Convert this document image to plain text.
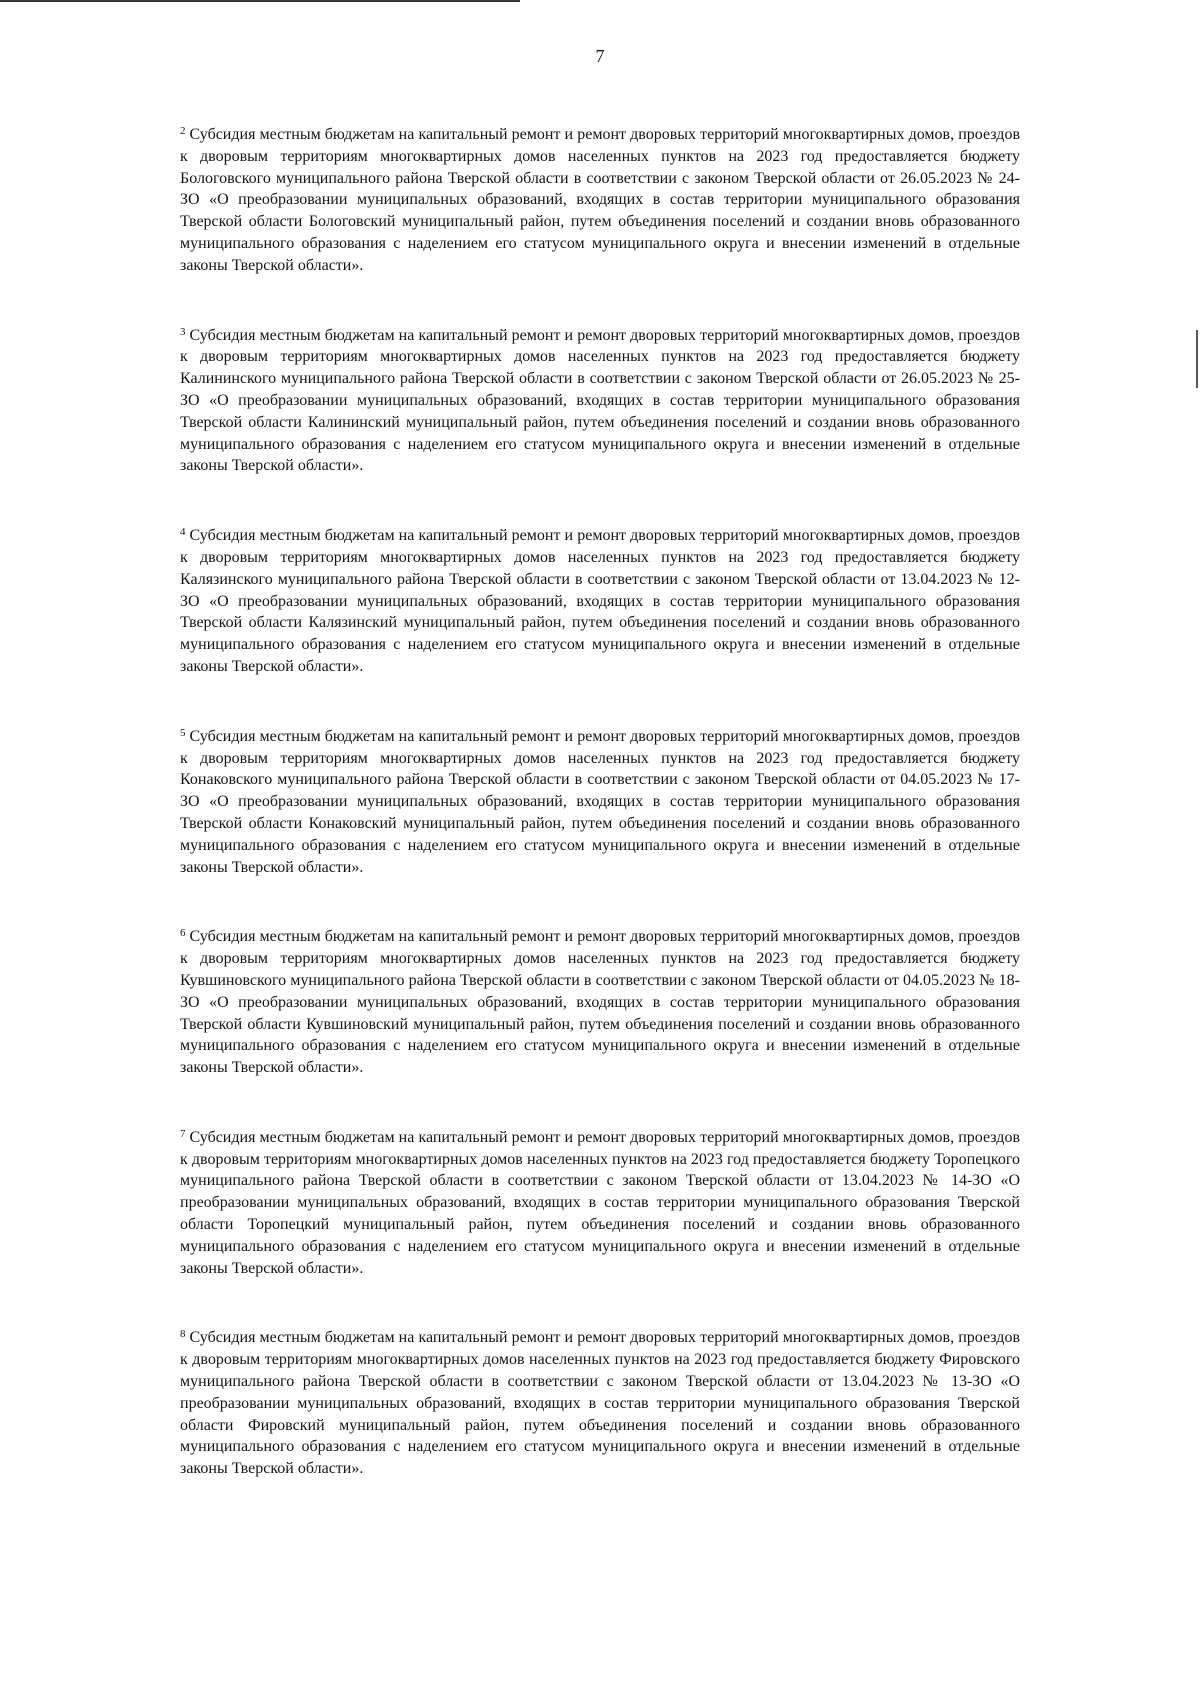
7

$^2$ Субсидия местным бюджетам на капитальный ремонт и ремонт дворовых территорий многоквартирных домов, проездов к дворовым территориям многоквартирных домов населенных пунктов на 2023 год предоставляется бюджету Бологовского муниципального района Тверской области в соответствии с законом Тверской области от 26.05.2023 № 24-ЗО «О преобразовании муниципальных образований, входящих в состав территории муниципального образования Тверской области Бологовский муниципальный район, путем объединения поселений и создании вновь образованного муниципального образования с наделением его статусом муниципального округа и внесении изменений в отдельные законы Тверской области».

$^3$ Субсидия местным бюджетам на капитальный ремонт и ремонт дворовых территорий многоквартирных домов, проездов к дворовым территориям многоквартирных домов населенных пунктов на 2023 год предоставляется бюджету Калининского муниципального района Тверской области в соответствии с законом Тверской области от 26.05.2023 № 25-ЗО «О преобразовании муниципальных образований, входящих в состав территории муниципального образования Тверской области Калининский муниципальный район, путем объединения поселений и создании вновь образованного муниципального образования с наделением его статусом муниципального округа и внесении изменений в отдельные законы Тверской области».

$^4$ Субсидия местным бюджетам на капитальный ремонт и ремонт дворовых территорий многоквартирных домов, проездов к дворовым территориям многоквартирных домов населенных пунктов на 2023 год предоставляется бюджету Калязинского муниципального района Тверской области в соответствии с законом Тверской области от 13.04.2023 № 12-ЗО «О преобразовании муниципальных образований, входящих в состав территории муниципального образования Тверской области Калязинский муниципальный район, путем объединения поселений и создании вновь образованного муниципального образования с наделением его статусом муниципального округа и внесении изменений в отдельные законы Тверской области».

$^5$ Субсидия местным бюджетам на капитальный ремонт и ремонт дворовых территорий многоквартирных домов, проездов к дворовым территориям многоквартирных домов населенных пунктов на 2023 год предоставляется бюджету Конаковского муниципального района Тверской области в соответствии с законом Тверской области от 04.05.2023 № 17-ЗО «О преобразовании муниципальных образований, входящих в состав территории муниципального образования Тверской области Конаковский муниципальный район, путем объединения поселений и создании вновь образованного муниципального образования с наделением его статусом муниципального округа и внесении изменений в отдельные законы Тверской области».

$^6$ Субсидия местным бюджетам на капитальный ремонт и ремонт дворовых территорий многоквартирных домов, проездов к дворовым территориям многоквартирных домов населенных пунктов на 2023 год предоставляется бюджету Кувшиновского муниципального района Тверской области в соответствии с законом Тверской области от 04.05.2023 № 18-ЗО «О преобразовании муниципальных образований, входящих в состав территории муниципального образования Тверской области Кувшиновский муниципальный район, путем объединения поселений и создании вновь образованного муниципального образования с наделением его статусом муниципального округа и внесении изменений в отдельные законы Тверской области».

$^7$ Субсидия местным бюджетам на капитальный ремонт и ремонт дворовых территорий многоквартирных домов, проездов к дворовым территориям многоквартирных домов населенных пунктов на 2023 год предоставляется бюджету Торопецкого муниципального района Тверской области в соответствии с законом Тверской области от 13.04.2023 № 14-ЗО «О преобразовании муниципальных образований, входящих в состав территории муниципального образования Тверской области Торопецкий муниципальный район, путем объединения поселений и создании вновь образованного муниципального образования с наделением его статусом муниципального округа и внесении изменений в отдельные законы Тверской области».

$^8$ Субсидия местным бюджетам на капитальный ремонт и ремонт дворовых территорий многоквартирных домов, проездов к дворовым территориям многоквартирных домов населенных пунктов на 2023 год предоставляется бюджету Фировского муниципального района Тверской области в соответствии с законом Тверской области от 13.04.2023 № 13-ЗО «О преобразовании муниципальных образований, входящих в состав территории муниципального образования Тверской области Фировский муниципальный район, путем объединения поселений и создании вновь образованного муниципального образования с наделением его статусом муниципального округа и внесении изменений в отдельные законы Тверской области».
